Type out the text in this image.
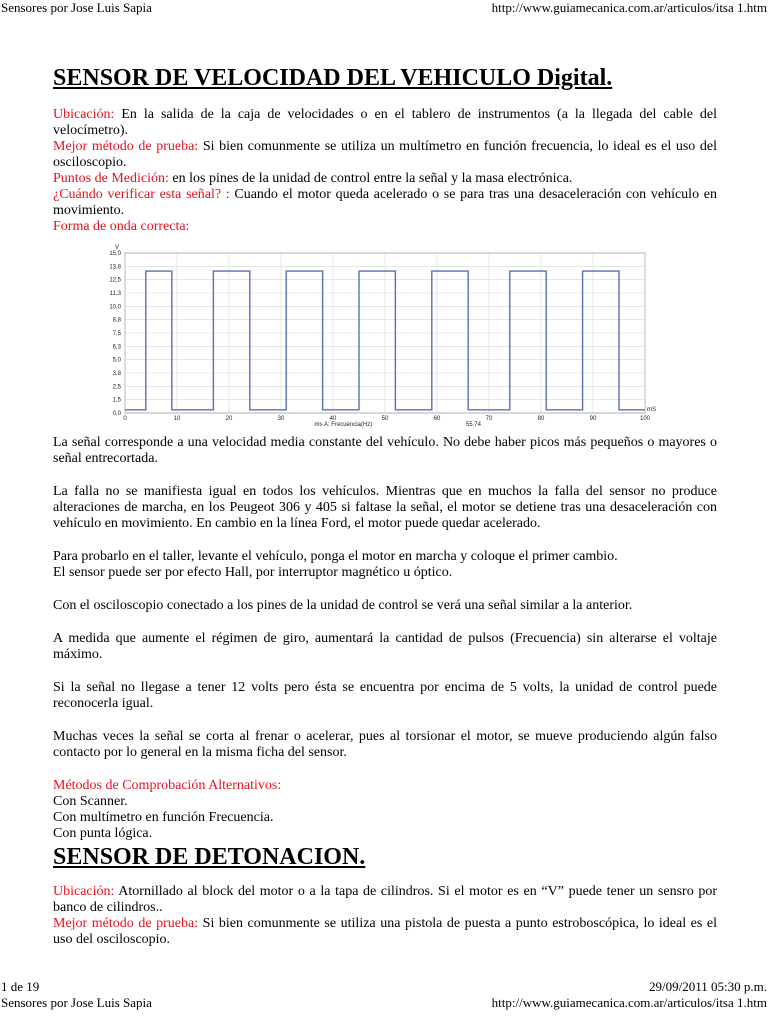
Sensores por Jose Luis Sapia	http://www.guiamecanica.com.ar/articulos/itsa 1.htm
SENSOR DE VELOCIDAD DEL VEHICULO Digital.

Ubicación: En la salida de la caja de velocidades o en el tablero de instrumentos (a la llegada del cable del velocímetro).

Mejor método de prueba: Si bien comunmente se utiliza un multímetro en función frecuencia, lo ideal es el uso del osciloscopio.

Puntos de Medición: en los pines de la unidad de control entre la señal y la masa electrónica.

¿Cuándo verificar esta señal? : Cuando el motor queda acelerado o se para tras una desaceleración con vehículo en movimiento.

Forma de onda correcta:

0,0
1,5
2,5
3,8
5,0
6,3
7,5
8,8
10,0
11,3
12,5
13,8
15,0
0	10	20	30	40	50	60	70	80	90	100
V
mS
ms A: Frecuencia(Hz)	55.74

La señal corresponde a una velocidad media constante del vehículo. No debe haber picos más pequeños o mayores o señal entrecortada.

La falla no se manifiesta igual en todos los vehículos. Mientras que en muchos la falla del sensor no produce alteraciones de marcha, en los Peugeot 306 y 405 si faltase la señal, el motor se detiene tras una desaceleración con vehículo en movimiento. En cambio en la línea Ford, el motor puede quedar acelerado.

Para probarlo en el taller, levante el vehículo, ponga el motor en marcha y coloque el primer cambio.

El sensor puede ser por efecto Hall, por interruptor magnético u óptico.

Con el osciloscopio conectado a los pines de la unidad de control se verá una señal similar a la anterior.

A medida que aumente el régimen de giro, aumentará la cantidad de pulsos (Frecuencia) sin alterarse el voltaje máximo.

Si la señal no llegase a tener 12 volts pero ésta se encuentra por encima de 5 volts, la unidad de control puede reconocerla igual.

Muchas veces la señal se corta al frenar o acelerar, pues al torsionar el motor, se mueve produciendo algún falso contacto por lo general en la misma ficha del sensor.

Métodos de Comprobación Alternativos:

Con Scanner.

Con multímetro en función Frecuencia.

Con punta lógica.

SENSOR DE DETONACION.

Ubicación: Atornillado al block del motor o a la tapa de cilindros. Si el motor es en “V” puede tener un sensro por banco de cilindros..

Mejor método de prueba: Si bien comunmente se utiliza una pistola de puesta a punto estroboscópica, lo ideal es el uso del osciloscopio.

1 de 19	29/09/2011 05:30 p.m.
Sensores por Jose Luis Sapia	http://www.guiamecanica.com.ar/articulos/itsa 1.htm
